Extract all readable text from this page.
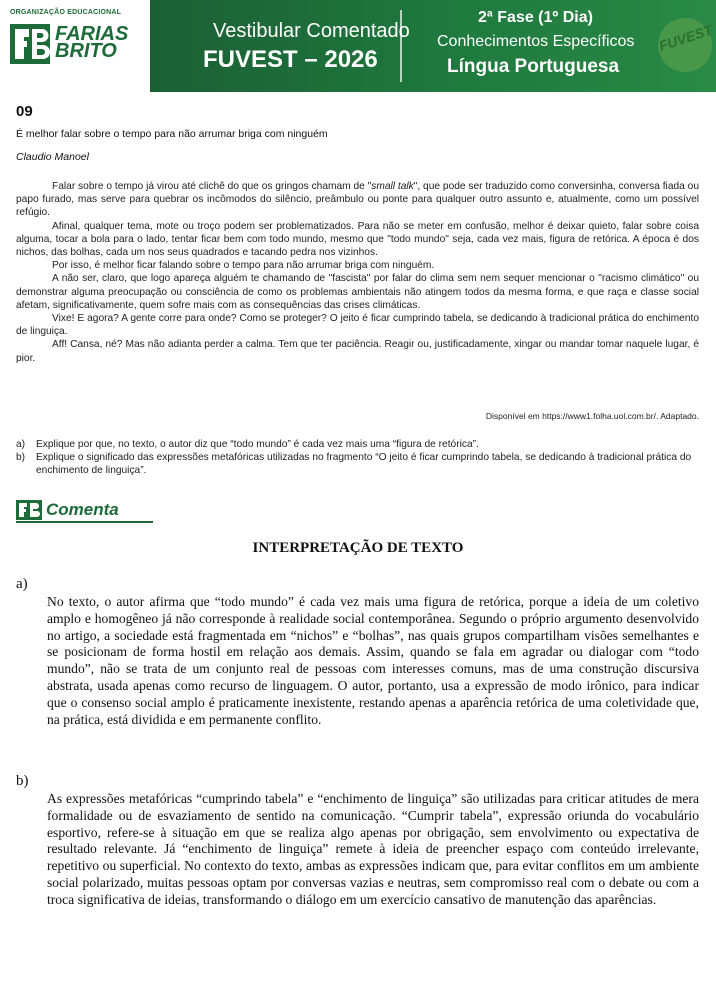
ORGANIZAÇÃO EDUCACIONAL
FARIAS
BRITO
Vestibular Comentado
FUVEST – 2026
2ª Fase (1º Dia)
Conhecimentos Específicos
Língua Portuguesa
FUVEST
09
É melhor falar sobre o tempo para não arrumar briga com ninguém
Claudio Manoel

Falar sobre o tempo já virou até clichê do que os gringos chamam de "small talk", que pode ser traduzido como conversinha, conversa fiada ou papo furado, mas serve para quebrar os incômodos do silêncio, preâmbulo ou ponte para qualquer outro assunto e, atualmente, como um possível refúgio.

Afinal, qualquer tema, mote ou troço podem ser problematizados. Para não se meter em confusão, melhor é deixar quieto, falar sobre coisa alguma, tocar a bola para o lado, tentar ficar bem com todo mundo, mesmo que "todo mundo" seja, cada vez mais, figura de retórica. A época é dos nichos, das bolhas, cada um nos seus quadrados e tacando pedra nos vizinhos.

Por isso, é melhor ficar falando sobre o tempo para não arrumar briga com ninguém.

A não ser, claro, que logo apareça alguém te chamando de "fascista" por falar do clima sem nem sequer mencionar o "racismo climático" ou demonstrar alguma preocupação ou consciência de como os problemas ambientais não atingem todos da mesma forma, e que raça e classe social afetam, significativamente, quem sofre mais com as consequências das crises climáticas.

Vixe! E agora? A gente corre para onde? Como se proteger? O jeito é ficar cumprindo tabela, se dedicando à tradicional prática do enchimento de linguiça.

Aff! Cansa, né? Mas não adianta perder a calma. Tem que ter paciência. Reagir ou, justificadamente, xingar ou mandar tomar naquele lugar, é pior.

Disponível em https://www1.folha.uol.com.br/. Adaptado.
a)	Explique por que, no texto, o autor diz que “todo mundo” é cada vez mais uma “figura de retórica”.
b)	Explique o significado das expressões metafóricas utilizadas no fragmento “O jeito é ficar cumprindo tabela, se dedicando à tradicional prática do enchimento de linguiça”.
Comenta
INTERPRETAÇÃO DE TEXTO
a)

No texto, o autor afirma que “todo mundo” é cada vez mais uma figura de retórica, porque a ideia de um coletivo amplo e homogêneo já não corresponde à realidade social contemporânea. Segundo o próprio argumento desenvolvido no artigo, a sociedade está fragmentada em “nichos” e “bolhas”, nas quais grupos compartilham visões semelhantes e se posicionam de forma hostil em relação aos demais. Assim, quando se fala em agradar ou dialogar com “todo mundo”, não se trata de um conjunto real de pessoas com interesses comuns, mas de uma construção discursiva abstrata, usada apenas como recurso de linguagem. O autor, portanto, usa a expressão de modo irônico, para indicar que o consenso social amplo é praticamente inexistente, restando apenas a aparência retórica de uma coletividade que, na prática, está dividida e em permanente conflito.

b)

As expressões metafóricas “cumprindo tabela” e “enchimento de linguiça” são utilizadas para criticar atitudes de mera formalidade ou de esvaziamento de sentido na comunicação. “Cumprir tabela”, expressão oriunda do vocabulário esportivo, refere-se à situação em que se realiza algo apenas por obrigação, sem envolvimento ou expectativa de resultado relevante. Já “enchimento de linguiça” remete à ideia de preencher espaço com conteúdo irrelevante, repetitivo ou superficial. No contexto do texto, ambas as expressões indicam que, para evitar conflitos em um ambiente social polarizado, muitas pessoas optam por conversas vazias e neutras, sem compromisso real com o debate ou com a troca significativa de ideias, transformando o diálogo em um exercício cansativo de manutenção das aparências.
